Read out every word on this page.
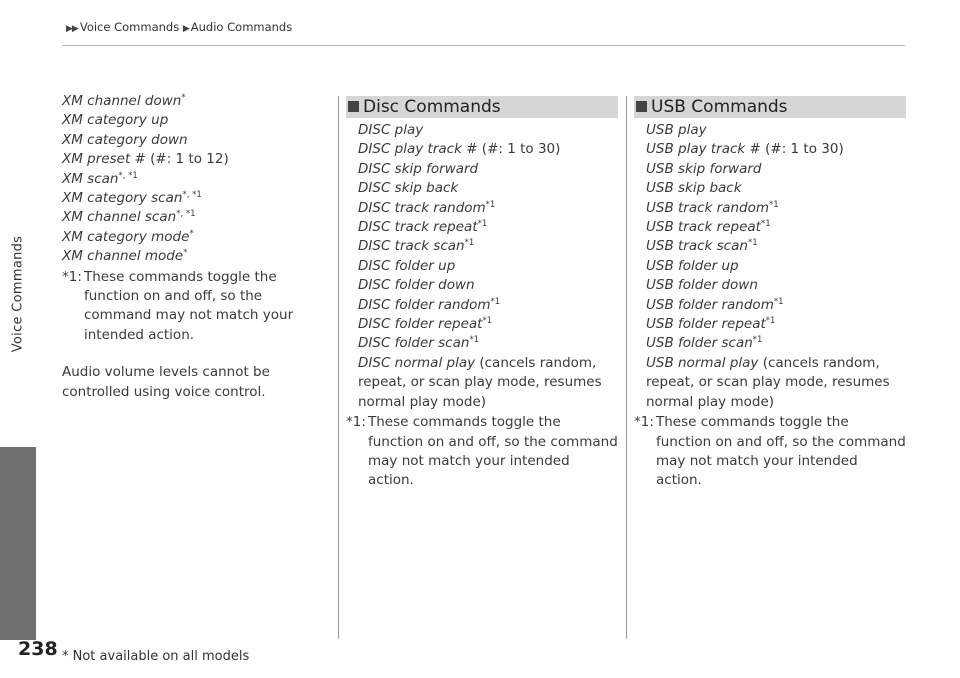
▶▶ Voice Commands ▶ Audio Commands
Voice Commands
XM channel down*
XM category up
XM category down
XM preset # (#: 1 to 12)
XM scan$^{*, *1}$
XM category scan$^{*, *1}$
XM channel scan$^{*, *1}$
XM category mode*
XM channel mode*
*1: These commands toggle the function on and off, so the command may not match your intended action.
Audio volume levels cannot be controlled using voice control.
Disc Commands
DISC play
DISC play track # (#: 1 to 30)
DISC skip forward
DISC skip back
DISC track random$^{*1}$
DISC track repeat$^{*1}$
DISC track scan$^{*1}$
DISC folder up
DISC folder down
DISC folder random$^{*1}$
DISC folder repeat$^{*1}$
DISC folder scan$^{*1}$
DISC normal play (cancels random, repeat, or scan play mode, resumes normal play mode)
*1: These commands toggle the function on and off, so the command may not match your intended action.
USB Commands
USB play
USB play track # (#: 1 to 30)
USB skip forward
USB skip back
USB track random$^{*1}$
USB track repeat$^{*1}$
USB track scan$^{*1}$
USB folder up
USB folder down
USB folder random$^{*1}$
USB folder repeat$^{*1}$
USB folder scan$^{*1}$
USB normal play (cancels random, repeat, or scan play mode, resumes normal play mode)
*1: These commands toggle the function on and off, so the command may not match your intended action.
238 * Not available on all models
